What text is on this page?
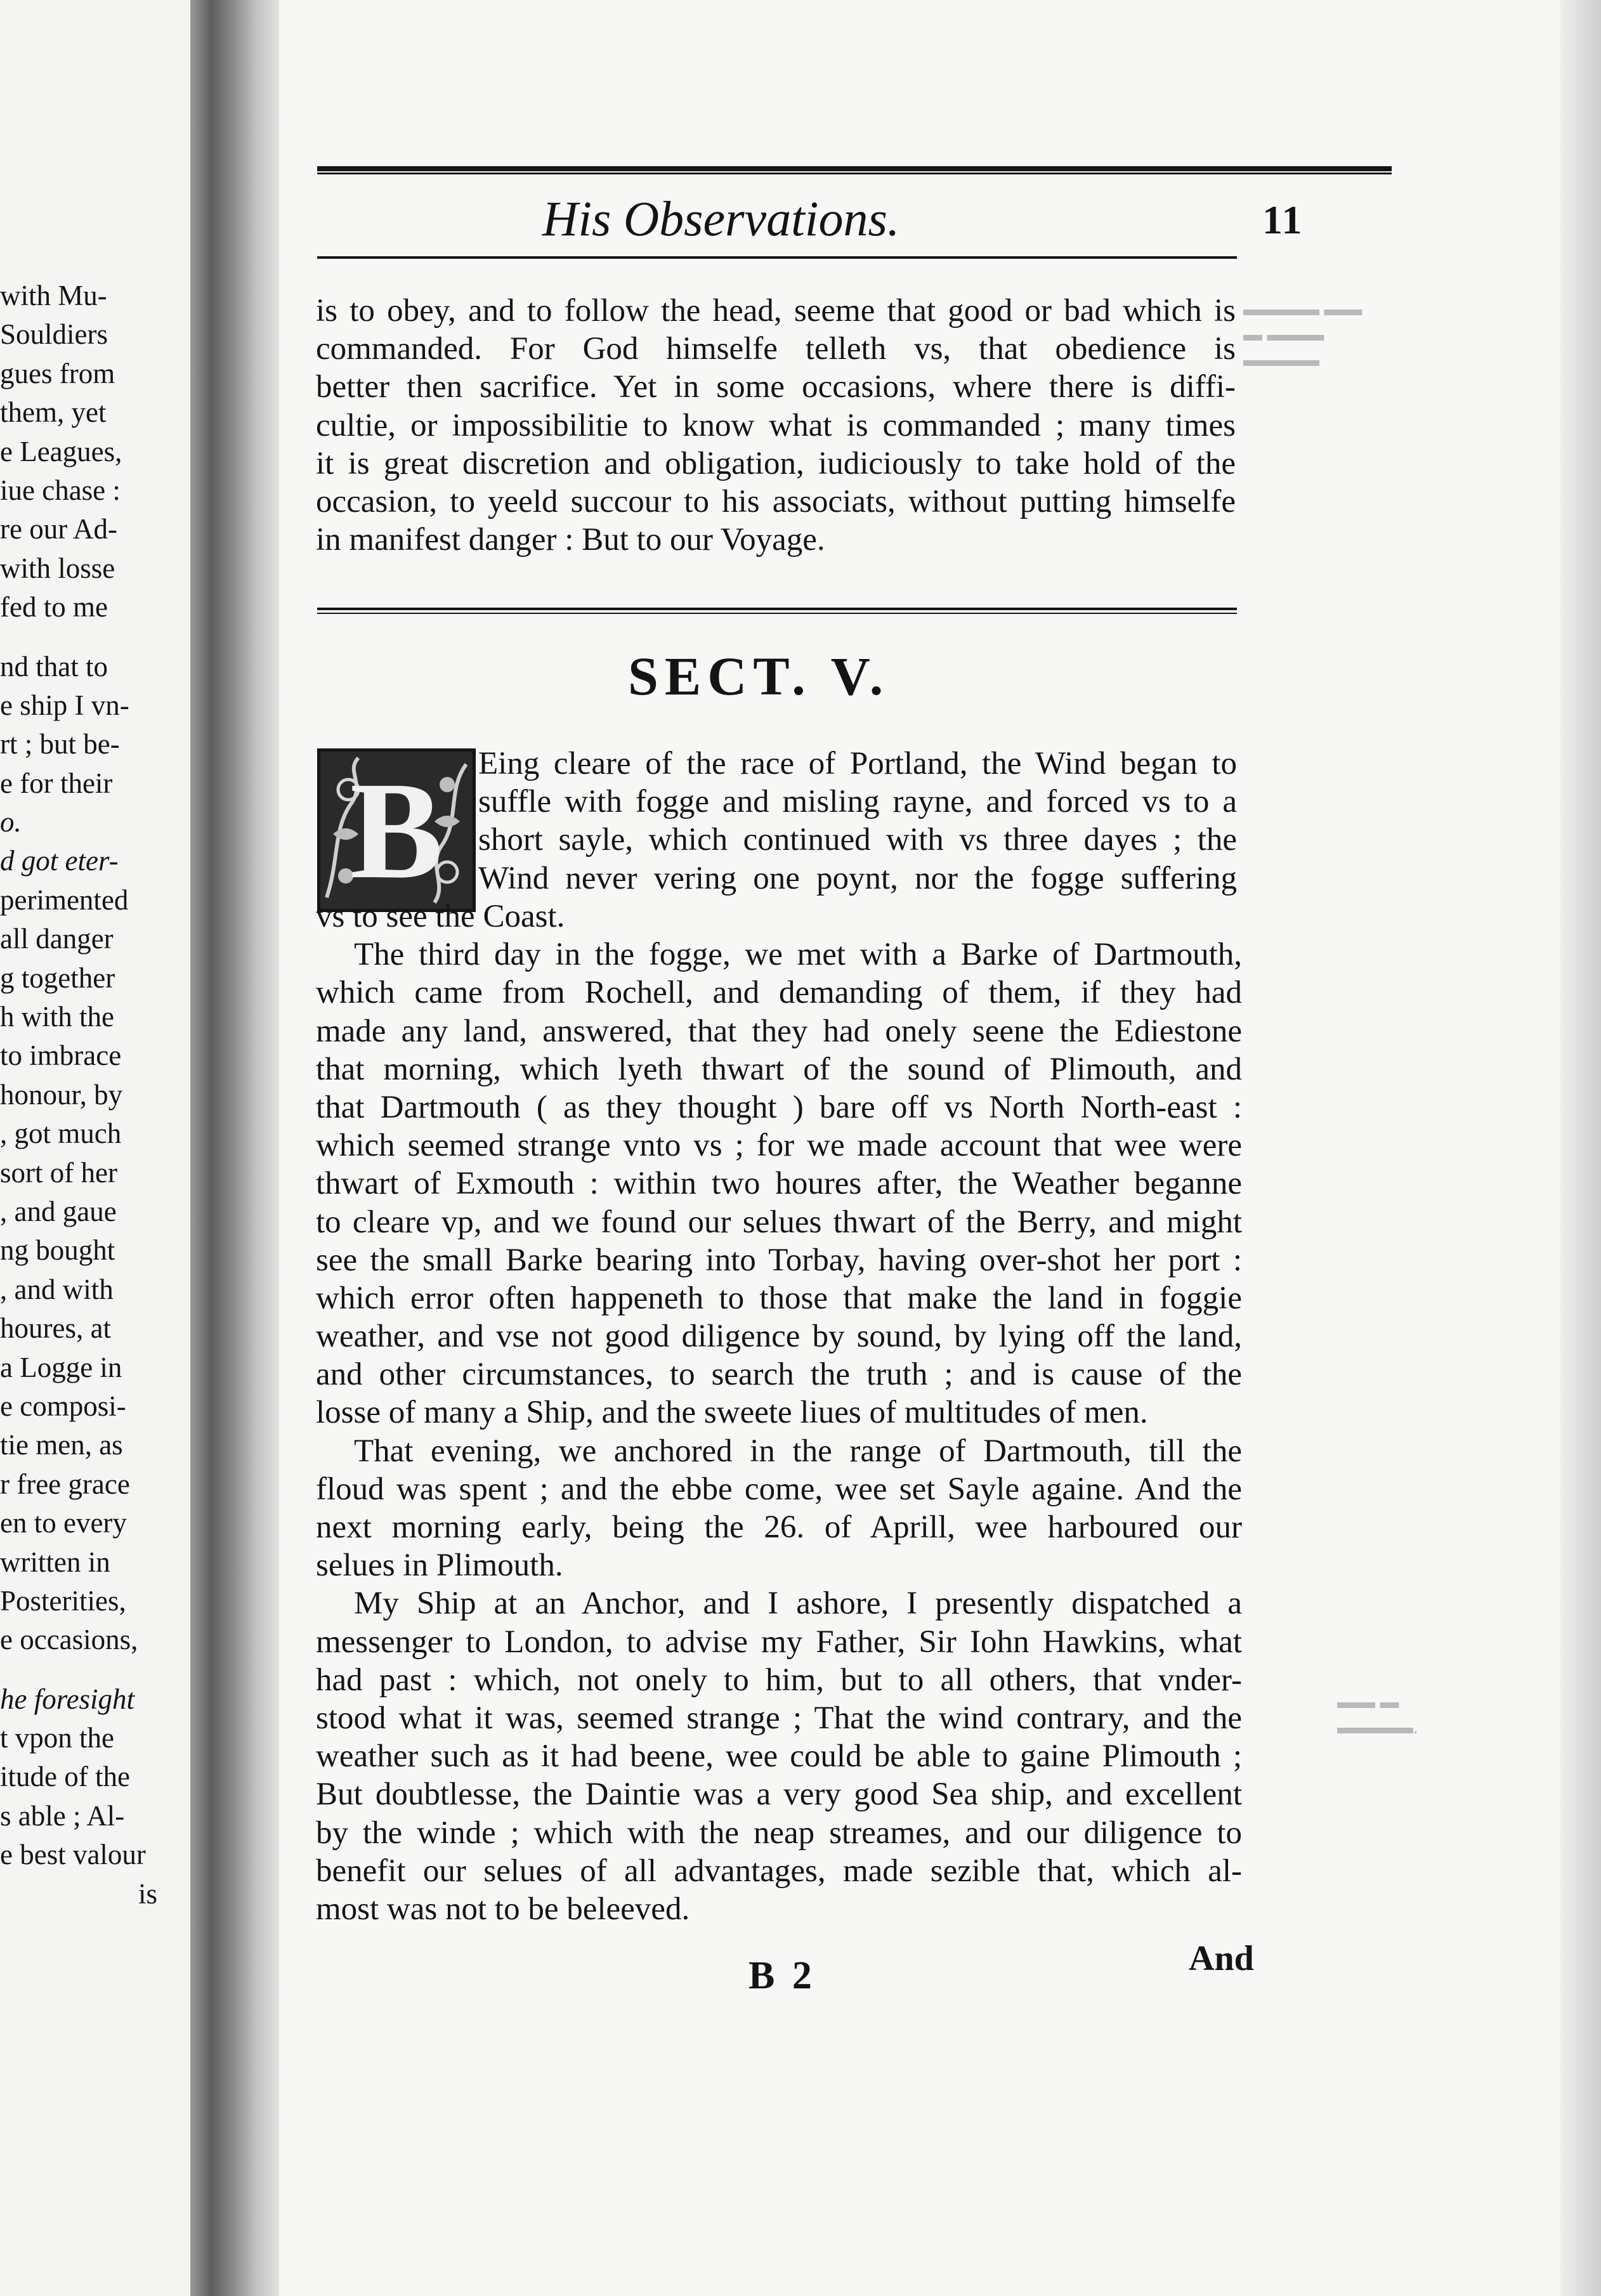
with Mu-
Souldiers
gues from
them, yet
e Leagues,
iue chase :
re our Ad-
with losse
fed to me
nd that to
e ship I vn-
rt ; but be-
e for their
o.
d got eter-
perimented
all danger
g together
h with the
to imbrace
honour, by
, got much
sort of her
, and gaue
ng bought
, and with
houres, at
a Logge in
e composi-
tie men, as
r free grace
en to every
written in
Posterities,
e occasions,
he foresight
t vpon the
itude of the
s able ; Al-
e best valour
is
▬▬▬▬ ▬▬
▬ ▬▬▬
▬▬▬▬
▬▬ ▬
▬▬▬▬.
His Observations.	11
is to obey, and to follow the head, seeme that good or bad which is
commanded. For God himselfe telleth vs, that obedience is
better then sacrifice. Yet in some occasions, where there is diffi-
cultie, or impossibilitie to know what is commanded ; many times
it is great discretion and obligation, iudiciously to take hold of the
occasion, to yeeld succour to his associats, without putting himselfe
in manifest danger : But to our Voyage.
SECT. V.
B	Eing cleare of the race of Portland, the Wind began to
suffle with fogge and misling rayne, and forced vs to a
short sayle, which continued with vs three dayes ; the
Wind never vering one poynt, nor the fogge suffering
vs to see the Coast.
The third day in the fogge, we met with a Barke of Dartmouth,
which came from Rochell, and demanding of them, if they had
made any land, answered, that they had onely seene the Ediestone
that morning, which lyeth thwart of the sound of Plimouth, and
that Dartmouth ( as they thought ) bare off vs North North-east :
which seemed strange vnto vs ; for we made account that wee were
thwart of Exmouth : within two houres after, the Weather beganne
to cleare vp, and we found our selues thwart of the Berry, and might
see the small Barke bearing into Torbay, having over-shot her port :
which error often happeneth to those that make the land in foggie
weather, and vse not good diligence by sound, by lying off the land,
and other circumstances, to search the truth ; and is cause of the
losse of many a Ship, and the sweete liues of multitudes of men.
That evening, we anchored in the range of Dartmouth, till the
floud was spent ; and the ebbe come, wee set Sayle againe. And the
next morning early, being the 26. of Aprill, wee harboured our
selues in Plimouth.
My Ship at an Anchor, and I ashore, I presently dispatched a
messenger to London, to advise my Father, Sir Iohn Hawkins, what
had past : which, not onely to him, but to all others, that vnder-
stood what it was, seemed strange ; That the wind contrary, and the
weather such as it had beene, wee could be able to gaine Plimouth ;
But doubtlesse, the Daintie was a very good Sea ship, and excellent
by the winde ; which with the neap streames, and our diligence to
benefit our selues of all advantages, made sezible that, which al-
most was not to be beleeved.
B 2	And
